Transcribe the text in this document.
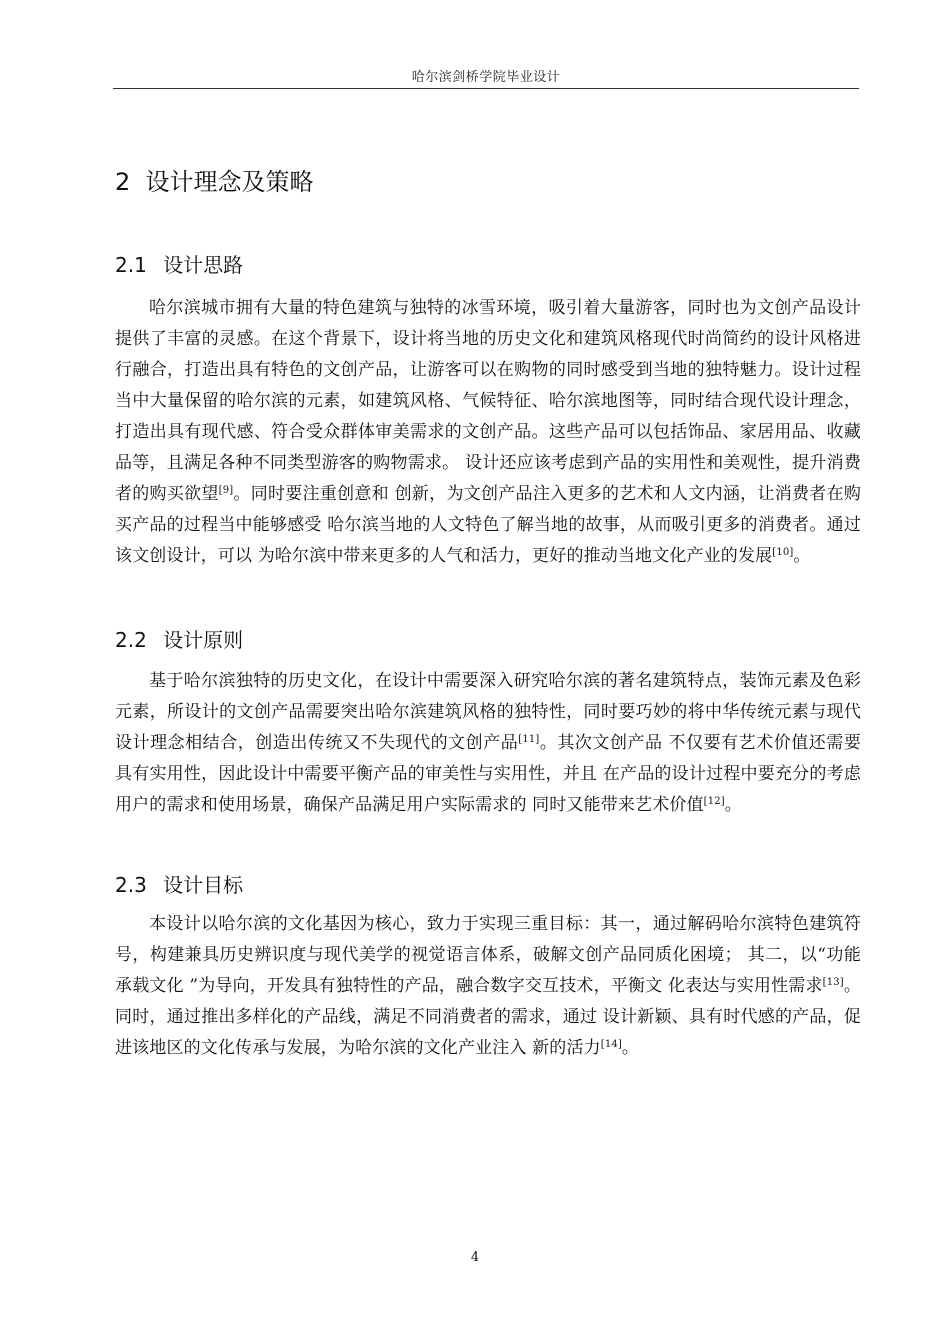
哈尔滨剑桥学院毕业设计
2 设计理念及策略
2.1 设计思路
哈尔滨城市拥有大量的特色建筑与独特的冰雪环境，吸引着大量游客，同时也为文创产品设计提供了丰富的灵感。在这个背景下，设计将当地的历史文化和建筑风格现代时尚简约的设计风格进行融合，打造出具有特色的文创产品，让游客可以在购物的同时感受到当地的独特魅力。设计过程当中大量保留的哈尔滨的元素，如建筑风格、气候特征、哈尔滨地图等，同时结合现代设计理念，打造出具有现代感、符合受众群体审美需求的文创产品。这些产品可以包括饰品、家居用品、收藏品等，且满足各种不同类型游客的购物需求。 设计还应该考虑到产品的实用性和美观性，提升消费者的购买欲望[9]。同时要注重创意和 创新，为文创产品注入更多的艺术和人文内涵，让消费者在购买产品的过程当中能够感受 哈尔滨当地的人文特色了解当地的故事，从而吸引更多的消费者。通过该文创设计，可以 为哈尔滨中带来更多的人气和活力，更好的推动当地文化产业的发展[10]。
2.2 设计原则
基于哈尔滨独特的历史文化，在设计中需要深入研究哈尔滨的著名建筑特点，装饰元素及色彩元素，所设计的文创产品需要突出哈尔滨建筑风格的独特性，同时要巧妙的将中华传统元素与现代设计理念相结合，创造出传统又不失现代的文创产品[11]。其次文创产品 不仅要有艺术价值还需要具有实用性，因此设计中需要平衡产品的审美性与实用性，并且 在产品的设计过程中要充分的考虑用户的需求和使用场景，确保产品满足用户实际需求的 同时又能带来艺术价值[12]。
2.3 设计目标
本设计以哈尔滨的文化基因为核心，致力于实现三重目标：其一，通过解码哈尔滨特色建筑符号，构建兼具历史辨识度与现代美学的视觉语言体系，破解文创产品同质化困境； 其二，以“功能承载文化 ”为导向，开发具有独特性的产品，融合数字交互技术，平衡文 化表达与实用性需求[13]。同时，通过推出多样化的产品线，满足不同消费者的需求，通过 设计新颖、具有时代感的产品，促进该地区的文化传承与发展，为哈尔滨的文化产业注入 新的活力[14]。
4
